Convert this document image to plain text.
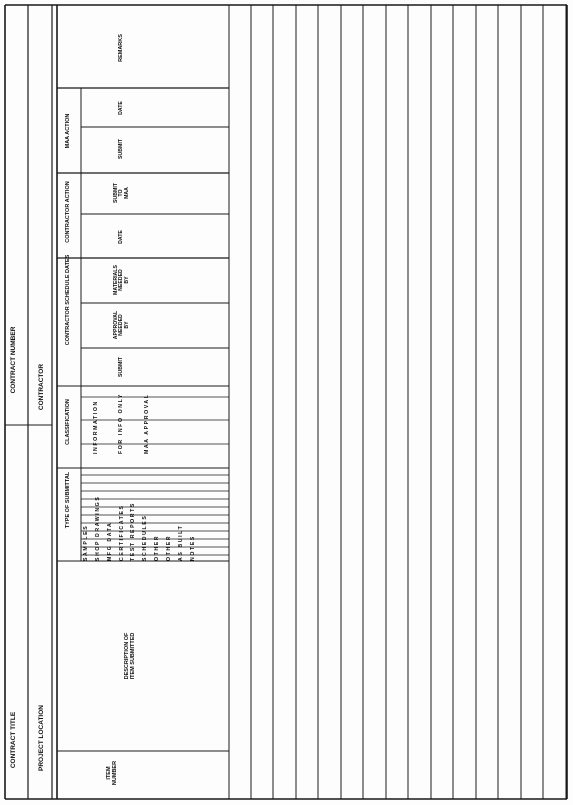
CONTRACT TITLE
CONTRACT NUMBER
PROJECT LOCATION
CONTRACTOR
ITEM
NUMBER
DESCRIPTION OF
ITEM SUBMITTED
TYPE OF SUBMITTAL
CLASSIFICATION
CONTRACTOR SCHEDULE DATES
CONTRACTOR ACTION
MAA ACTION
REMARKS
SAMPLES SHOP DRAWINGS MFG DATA CERTIFICATES TEST REPORTS SCHEDULES OTHER OTHER AS BUILT NOTES
INFORMATION	FOR INFO ONLY	MAA APPROVAL
SUBMIT
APPROVAL
NEEDED
BY
MATERIALS
NEEDED
BY
DATE
SUBMIT
TO
MAA
SUBMIT
DATE
